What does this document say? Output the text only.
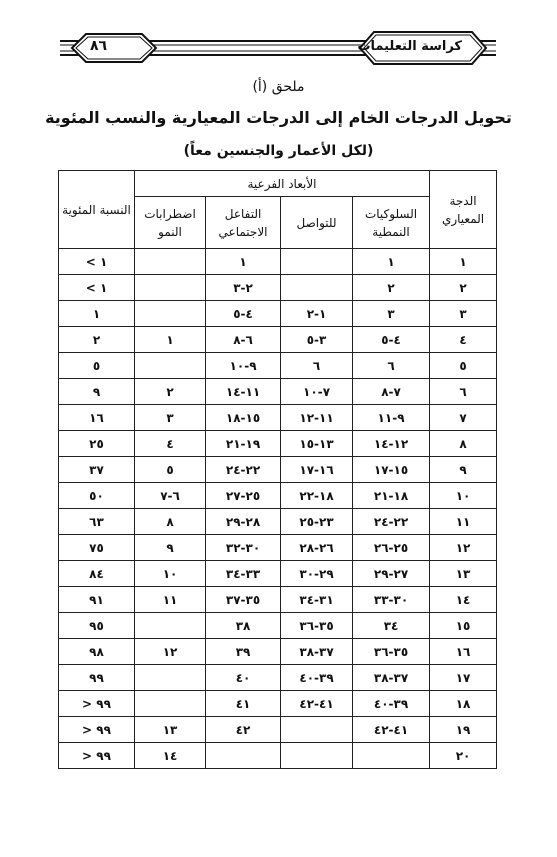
كراسة التعليمات
٨٦
ملحق (أ)
تحويل الدرجات الخام إلى الدرجات المعيارية والنسب المئوية
(لكل الأعمار والجنسين معاً)
الدجة المعياري	الأبعاد الفرعية				النسبة المئوية
	السلوكيات النمطية	للتواصل	التفاعل الاجتماعي	اضطرابات النمو	
١	١		١		١ >
٢	٢		٢-٣		١ >
٣	٣	١-٢	٤-٥		١
٤	٤-٥	٣-٥	٦-٨	١	٢
٥	٦	٦	٩-١٠		٥
٦	٧-٨	٧-١٠	١١-١٤	٢	٩
٧	٩-١١	١١-١٢	١٥-١٨	٣	١٦
٨	١٢-١٤	١٣-١٥	١٩-٢١	٤	٢٥
٩	١٥-١٧	١٦-١٧	٢٢-٢٤	٥	٣٧
١٠	١٨-٢١	١٨-٢٢	٢٥-٢٧	٦-٧	٥٠
١١	٢٢-٢٤	٢٣-٢٥	٢٨-٢٩	٨	٦٣
١٢	٢٥-٢٦	٢٦-٢٨	٣٠-٣٢	٩	٧٥
١٣	٢٧-٢٩	٢٩-٣٠	٣٣-٣٤	١٠	٨٤
١٤	٣٠-٣٣	٣١-٣٤	٣٥-٣٧	١١	٩١
١٥	٣٤	٣٥-٣٦	٣٨		٩٥
١٦	٣٥-٣٦	٣٧-٣٨	٣٩	١٢	٩٨
١٧	٣٧-٣٨	٣٩-٤٠	٤٠		٩٩
١٨	٣٩-٤٠	٤١-٤٢	٤١		٩٩ <
١٩	٤١-٤٢		٤٢	١٣	٩٩ <
٢٠				١٤	٩٩ <
